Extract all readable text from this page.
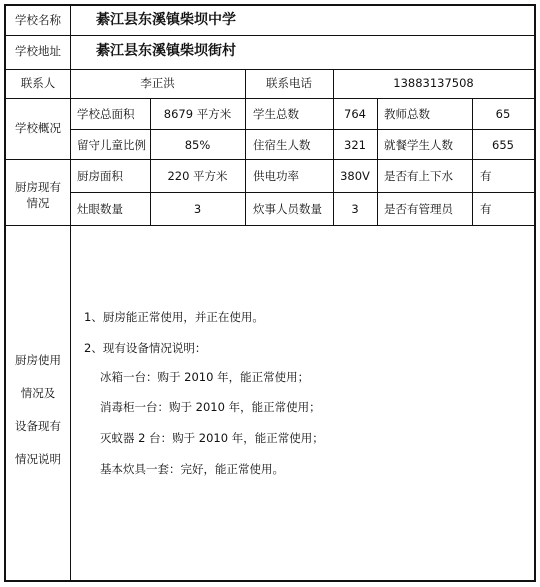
学校名称	綦江县东溪镇柴坝中学
学校地址	綦江县东溪镇柴坝街村
联系人	李正洪	联系电话	13883137508
学校概况
学校总面积	8679 平方米	学生总数	764	教师总数	65
留守儿童比例	85%	住宿生人数	321	就餐学生人数	655
厨房现有
情况
厨房面积	220 平方米	供电功率	380V	是否有上下水 有
灶眼数量	3	炊事人员数量	3	是否有管理员 有
厨房使用
情况及
设备现有
情况说明
1、厨房能正常使用，并正在使用。
2、现有设备情况说明：
冰箱一台：购于 2010 年，能正常使用；
消毒柜一台：购于 2010 年，能正常使用；
灭蚊器 2 台：购于 2010 年，能正常使用；
基本炊具一套：完好，能正常使用。
